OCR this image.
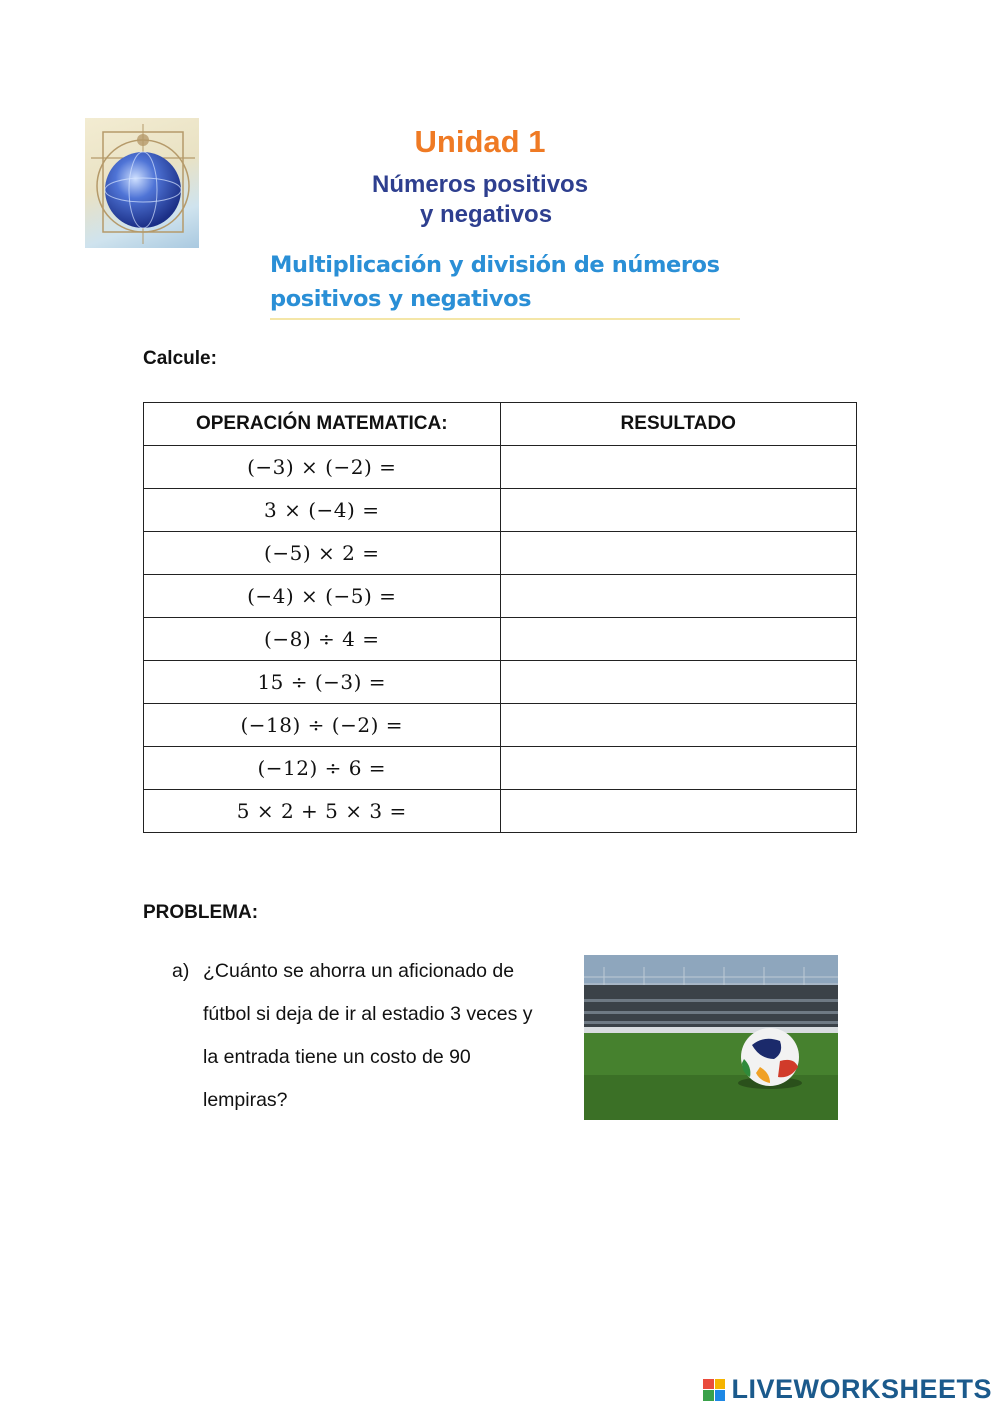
Unidad 1
Números positivos
y negativos
Multiplicación y división de números
positivos y negativos
Calcule:
OPERACIÓN MATEMATICA:	RESULTADO
(−3) × (−2) =	
3 × (−4) =	
(−5) × 2 =	
(−4) × (−5) =	
(−8) ÷ 4 =	
15 ÷ (−3) =	
(−18) ÷ (−2) =	
(−12) ÷ 6 =	
5 × 2 + 5 × 3 =	
PROBLEMA:
a) ¿Cuánto se ahorra un aficionado de
fútbol si deja de ir al estadio 3 veces y
la entrada tiene un costo de 90
lempiras?
LIVEWORKSHEETS
